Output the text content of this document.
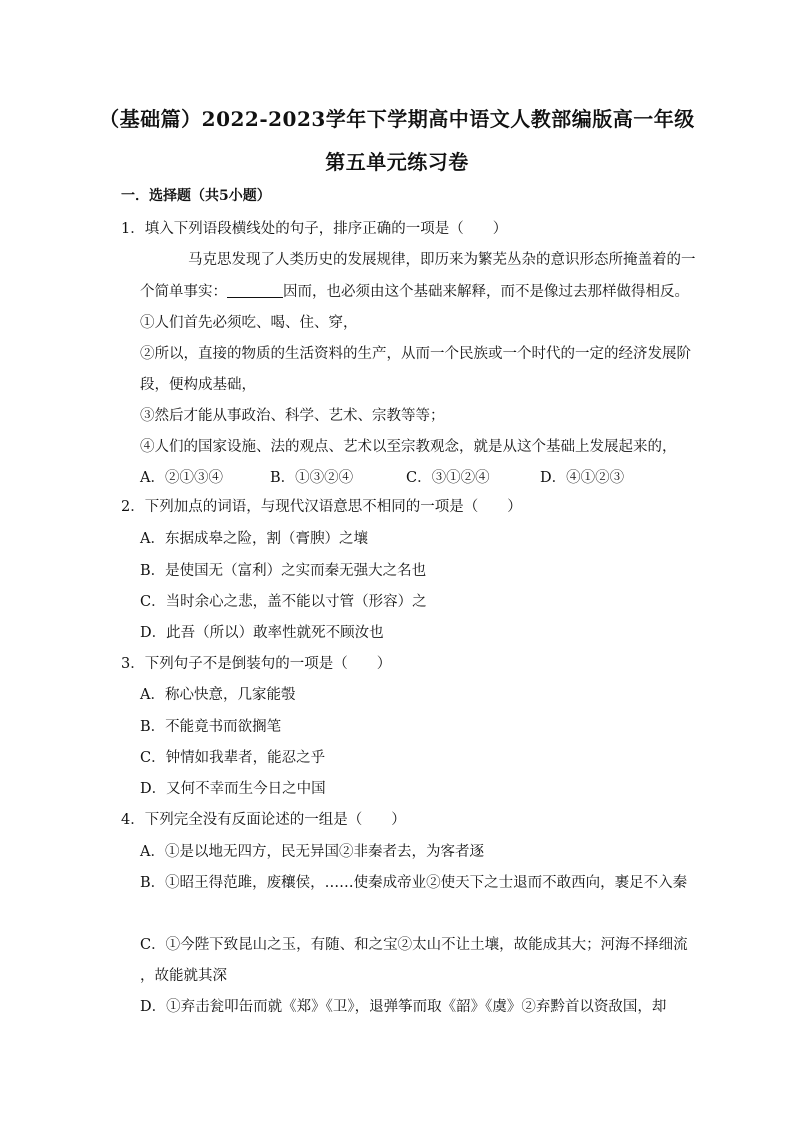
（基础篇）2022-2023学年下学期高中语文人教部编版高一年级
第五单元练习卷
一．选择题（共5小题）
1．填入下列语段横线处的句子，排序正确的一项是（　　）
马克思发现了人类历史的发展规律，即历来为繁芜丛杂的意识形态所掩盖着的一
个简单事实：	因而，也必须由这个基础来解释，而不是像过去那样做得相反。
①人们首先必须吃、喝、住、穿，
②所以，直接的物质的生活资料的生产，从而一个民族或一个时代的一定的经济发展阶
段，便构成基础，
③然后才能从事政治、科学、艺术、宗教等等；
④人们的国家设施、法的观点、艺术以至宗教观念，就是从这个基础上发展起来的，
A．②①③④	B．①③②④	C．③①②④	D．④①②③
2．下列加点的词语，与现代汉语意思不相同的一项是（　　）
A．东据成皋之险，割（膏腴）之壤
B．是使国无（富利）之实而秦无强大之名也
C．当时余心之悲，盖不能以寸管（形容）之
D．此吾（所以）敢率性就死不顾汝也
3．下列句子不是倒装句的一项是（　　）
A．称心快意，几家能彀
B．不能竟书而欲搁笔
C．钟情如我辈者，能忍之乎
D．又何不幸而生今日之中国
4．下列完全没有反面论述的一组是（　　）
A．①是以地无四方，民无异国②非秦者去，为客者逐
B．①昭王得范雎，废穰侯，……使秦成帝业②使天下之士退而不敢西向，裹足不入秦
C．①今陛下致昆山之玉，有随、和之宝②太山不让土壤，故能成其大；河海不择细流
，故能就其深
D．①弃击瓮叩缶而就《郑》《卫》，退弹筝而取《韶》《虞》②弃黔首以资敌国，却
